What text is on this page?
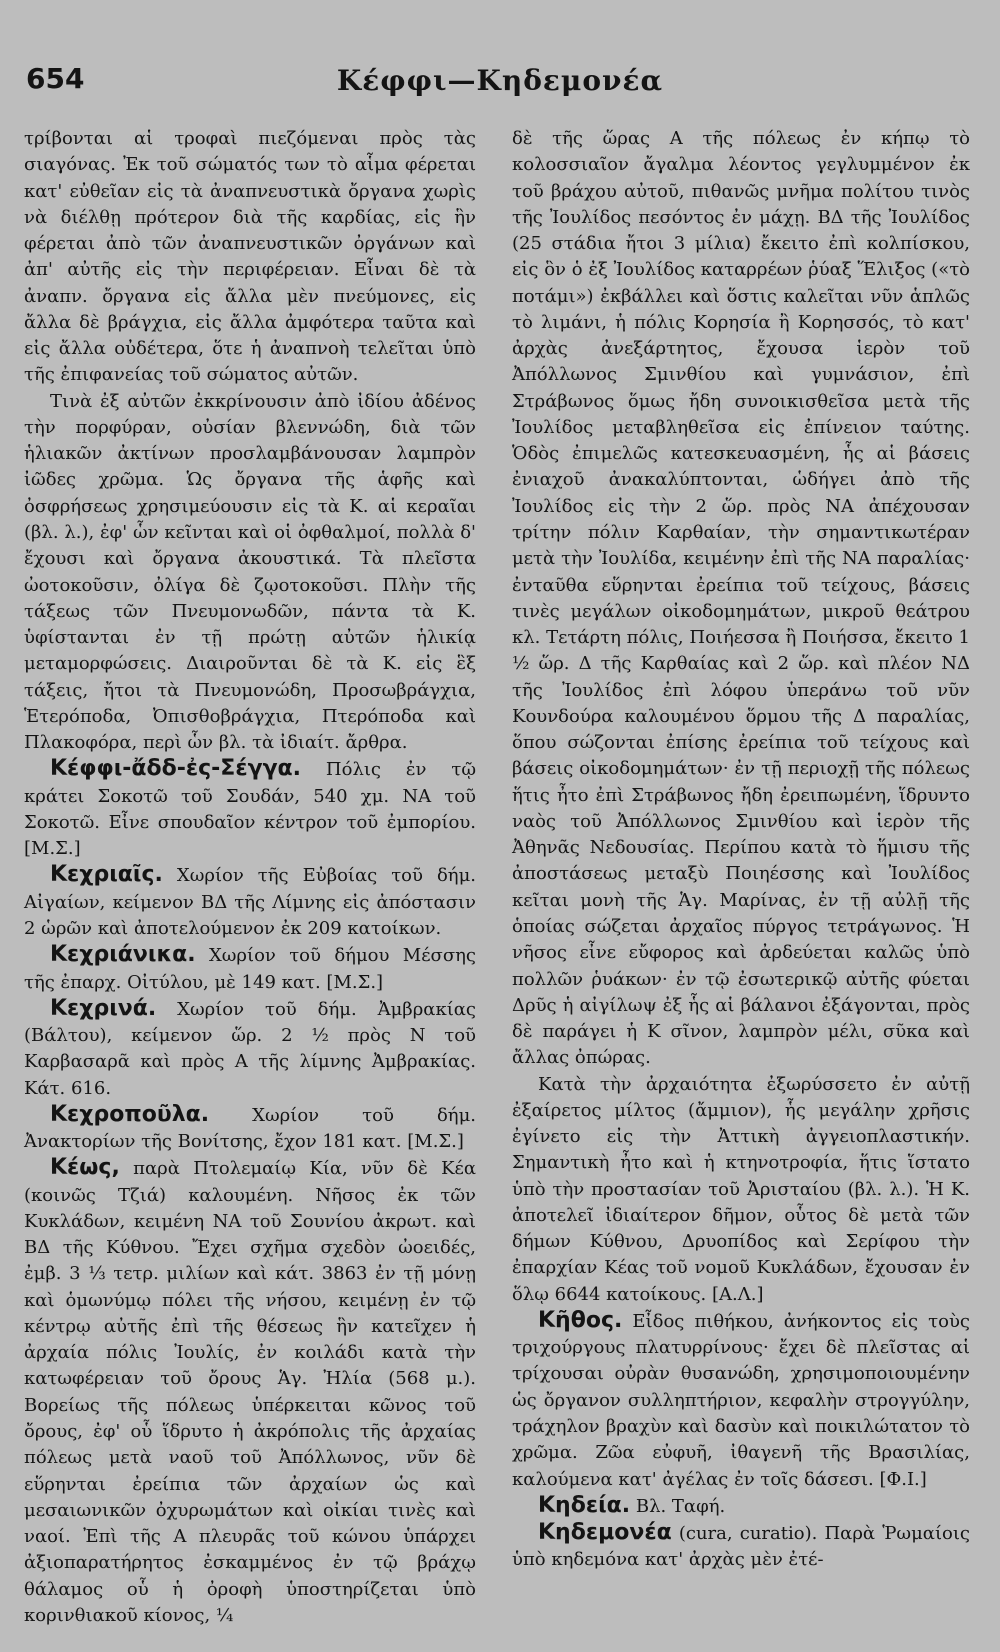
654	Κέφφι—Κηδεμονέα

τρίβονται αἱ τροφαὶ πιεζόμεναι πρὸς τὰς σιαγόνας. Ἐκ τοῦ σώματός των τὸ αἷμα φέρεται κατ' εὐθεῖαν εἰς τὰ ἀναπνευστικὰ ὄργανα χωρὶς νὰ διέλθῃ πρότερον διὰ τῆς καρδίας, εἰς ἣν φέρεται ἀπὸ τῶν ἀναπνευστικῶν ὀργάνων καὶ ἀπ' αὐτῆς εἰς τὴν περιφέρειαν. Εἶναι δὲ τὰ ἀναπν. ὄργανα εἰς ἄλλα μὲν πνεύμονες, εἰς ἄλλα δὲ βράγχια, εἰς ἄλλα ἀμφότερα ταῦτα καὶ εἰς ἄλλα οὐδέτερα, ὅτε ἡ ἀναπνοὴ τελεῖται ὑπὸ τῆς ἐπιφανείας τοῦ σώματος αὐτῶν.

Τινὰ ἐξ αὐτῶν ἐκκρίνουσιν ἀπὸ ἰδίου ἀδένος τὴν πορφύραν, οὐσίαν βλεννώδη, διὰ τῶν ἡλιακῶν ἀκτίνων προσλαμβάνουσαν λαμπρὸν ἰῶδες χρῶμα. Ὡς ὄργανα τῆς ἁφῆς καὶ ὀσφρήσεως χρησιμεύουσιν εἰς τὰ Κ. αἱ κεραῖαι (βλ. λ.), ἐφ' ὧν κεῖνται καὶ οἱ ὀφθαλμοί, πολλὰ δ' ἔχουσι καὶ ὄργανα ἀκουστικά. Τὰ πλεῖστα ὠοτοκοῦσιν, ὀλίγα δὲ ζῳοτοκοῦσι. Πλὴν τῆς τάξεως τῶν Πνευμονωδῶν, πάντα τὰ Κ. ὑφίστανται ἐν τῇ πρώτῃ αὐτῶν ἡλικίᾳ μεταμορφώσεις. Διαιροῦνται δὲ τὰ Κ. εἰς ἓξ τάξεις, ἤτοι τὰ Πνευμονώδη, Προσωβράγχια, Ἑτερόποδα, Ὀπισθοβράγχια, Πτερόποδα καὶ Πλακοφόρα, περὶ ὧν βλ. τὰ ἰδιαίτ. ἄρθρα.

Κέφφι-ἄδδ-ἐς-Σέγγα. Πόλις ἐν τῷ κράτει Σοκοτῶ τοῦ Σουδάν, 540 χμ. ΝΑ τοῦ Σοκοτῶ. Εἶνε σπουδαῖον κέντρον τοῦ ἐμπορίου. [Μ.Σ.]

Κεχριαῖς. Χωρίον τῆς Εὐβοίας τοῦ δήμ. Αἰγαίων, κείμενον ΒΔ τῆς Λίμνης εἰς ἀπόστασιν 2 ὡρῶν καὶ ἀποτελούμενον ἐκ 209 κατοίκων.

Κεχριάνικα. Χωρίον τοῦ δήμου Μέσσης τῆς ἐπαρχ. Οἰτύλου, μὲ 149 κατ. [Μ.Σ.]

Κεχρινά. Χωρίον τοῦ δήμ. Ἀμβρακίας (Βάλτου), κείμενον ὥρ. 2 ½ πρὸς Ν τοῦ Καρβασαρᾶ καὶ πρὸς Α τῆς λίμνης Ἀμβρακίας. Κάτ. 616.

Κεχροποῦλα. Χωρίον τοῦ δήμ. Ἀνακτορίων τῆς Βονίτσης, ἔχον 181 κατ. [Μ.Σ.]

Κέως, παρὰ Πτολεμαίῳ Κία, νῦν δὲ Κέα (κοινῶς Τζιά) καλουμένη. Νῆσος ἐκ τῶν Κυκλάδων, κειμένη ΝΑ τοῦ Σουνίου ἀκρωτ. καὶ ΒΔ τῆς Κύθνου. Ἔχει σχῆμα σχεδὸν ὠοειδές, ἐμβ. 3 ⅓ τετρ. μιλίων καὶ κάτ. 3863 ἐν τῇ μόνῃ καὶ ὁμωνύμῳ πόλει τῆς νήσου, κειμένῃ ἐν τῷ κέντρῳ αὐτῆς ἐπὶ τῆς θέσεως ἣν κατεῖχεν ἡ ἀρχαία πόλις Ἰουλίς, ἐν κοιλάδι κατὰ τὴν κατωφέρειαν τοῦ ὄρους Ἁγ. Ἠλία (568 μ.). Βορείως τῆς πόλεως ὑπέρκειται κῶνος τοῦ ὄρους, ἐφ' οὗ ἵδρυτο ἡ ἀκρόπολις τῆς ἀρχαίας πόλεως μετὰ ναοῦ τοῦ Ἀπόλλωνος, νῦν δὲ εὕρηνται ἐρείπια τῶν ἀρχαίων ὡς καὶ μεσαιωνικῶν ὀχυρωμάτων καὶ οἰκίαι τινὲς καὶ ναοί. Ἐπὶ τῆς Α πλευρᾶς τοῦ κώνου ὑπάρχει ἀξιοπαρατήρητος ἐσκαμμένος ἐν τῷ βράχῳ θάλαμος οὗ ἡ ὀροφὴ ὑποστηρίζεται ὑπὸ κορινθιακοῦ κίονος, ¼

δὲ τῆς ὥρας Α τῆς πόλεως ἐν κήπῳ τὸ κολοσσιαῖον ἄγαλμα λέοντος γεγλυμμένον ἐκ τοῦ βράχου αὐτοῦ, πιθανῶς μνῆμα πολίτου τινὸς τῆς Ἰουλίδος πεσόντος ἐν μάχῃ. ΒΔ τῆς Ἰουλίδος (25 στάδια ἤτοι 3 μίλια) ἔκειτο ἐπὶ κολπίσκου, εἰς ὃν ὁ ἐξ Ἰουλίδος καταρρέων ῥύαξ Ἕλιξος («τὸ ποτάμι») ἐκβάλλει καὶ ὅστις καλεῖται νῦν ἁπλῶς τὸ λιμάνι, ἡ πόλις Κορησία ἢ Κορησσός, τὸ κατ' ἀρχὰς ἀνεξάρτητος, ἔχουσα ἱερὸν τοῦ Ἀπόλλωνος Σμινθίου καὶ γυμνάσιον, ἐπὶ Στράβωνος ὅμως ἤδη συνοικισθεῖσα μετὰ τῆς Ἰουλίδος μεταβληθεῖσα εἰς ἐπίνειον ταύτης. Ὁδὸς ἐπιμελῶς κατεσκευασμένη, ἧς αἱ βάσεις ἐνιαχοῦ ἀνακαλύπτονται, ὡδήγει ἀπὸ τῆς Ἰουλίδος εἰς τὴν 2 ὥρ. πρὸς ΝΑ ἀπέχουσαν τρίτην πόλιν Καρθαίαν, τὴν σημαντικωτέραν μετὰ τὴν Ἰουλίδα, κειμένην ἐπὶ τῆς ΝΑ παραλίας· ἐνταῦθα εὕρηνται ἐρείπια τοῦ τείχους, βάσεις τινὲς μεγάλων οἰκοδομημάτων, μικροῦ θεάτρου κλ. Τετάρτη πόλις, Ποιήεσσα ἢ Ποιήσσα, ἔκειτο 1 ½ ὥρ. Δ τῆς Καρθαίας καὶ 2 ὥρ. καὶ πλέον ΝΔ τῆς Ἰουλίδος ἐπὶ λόφου ὑπεράνω τοῦ νῦν Κουνδούρα καλουμένου ὅρμου τῆς Δ παραλίας, ὅπου σώζονται ἐπίσης ἐρείπια τοῦ τείχους καὶ βάσεις οἰκοδομημάτων· ἐν τῇ περιοχῇ τῆς πόλεως ἥτις ἦτο ἐπὶ Στράβωνος ἤδη ἐρειπωμένη, ἵδρυντο ναὸς τοῦ Ἀπόλλωνος Σμινθίου καὶ ἱερὸν τῆς Ἀθηνᾶς Νεδουσίας. Περίπου κατὰ τὸ ἥμισυ τῆς ἀποστάσεως μεταξὺ Ποιηέσσης καὶ Ἰουλίδος κεῖται μονὴ τῆς Ἁγ. Μαρίνας, ἐν τῇ αὐλῇ τῆς ὁποίας σώζεται ἀρχαῖος πύργος τετράγωνος. Ἡ νῆσος εἶνε εὔφορος καὶ ἀρδεύεται καλῶς ὑπὸ πολλῶν ῥυάκων· ἐν τῷ ἐσωτερικῷ αὐτῆς φύεται Δρῦς ἡ αἰγίλωψ ἐξ ἧς αἱ βάλανοι ἐξάγονται, πρὸς δὲ παράγει ἡ Κ σῖνον, λαμπρὸν μέλι, σῦκα καὶ ἄλλας ὀπώρας.

Κατὰ τὴν ἀρχαιότητα ἐξωρύσσετο ἐν αὐτῇ ἐξαίρετος μίλτος (ἄμμιον), ἧς μεγάλην χρῆσις ἐγίνετο εἰς τὴν Ἀττικὴ ἀγγειοπλαστικήν. Σημαντικὴ ἦτο καὶ ἡ κτηνοτροφία, ἥτις ἵστατο ὑπὸ τὴν προστασίαν τοῦ Ἀρισταίου (βλ. λ.). Ἡ Κ. ἀποτελεῖ ἰδιαίτερον δῆμον, οὗτος δὲ μετὰ τῶν δήμων Κύθνου, Δρυοπίδος καὶ Σερίφου τὴν ἐπαρχίαν Κέας τοῦ νομοῦ Κυκλάδων, ἔχουσαν ἐν ὅλῳ 6644 κατοίκους. [Α.Λ.]

Κῆθος. Εἶδος πιθήκου, ἀνήκοντος εἰς τοὺς τριχούργους πλατυρρίνους· ἔχει δὲ πλεῖστας αἱ τρίχουσαι οὐρὰν θυσανώδη, χρησιμοποιουμένην ὡς ὄργανον συλληπτήριον, κεφαλὴν στρογγύλην, τράχηλον βραχὺν καὶ δασὺν καὶ ποικιλώτατον τὸ χρῶμα. Ζῶα εὐφυῆ, ἰθαγενῆ τῆς Βρασιλίας, καλούμενα κατ' ἀγέλας ἐν τοῖς δάσεσι. [Φ.Ι.]

Κηδεία. Βλ. Ταφή.

Κηδεμονέα (cura, curatio). Παρὰ Ῥωμαίοις ὑπὸ κηδεμόνα κατ' ἀρχὰς μὲν ἐτέ-
